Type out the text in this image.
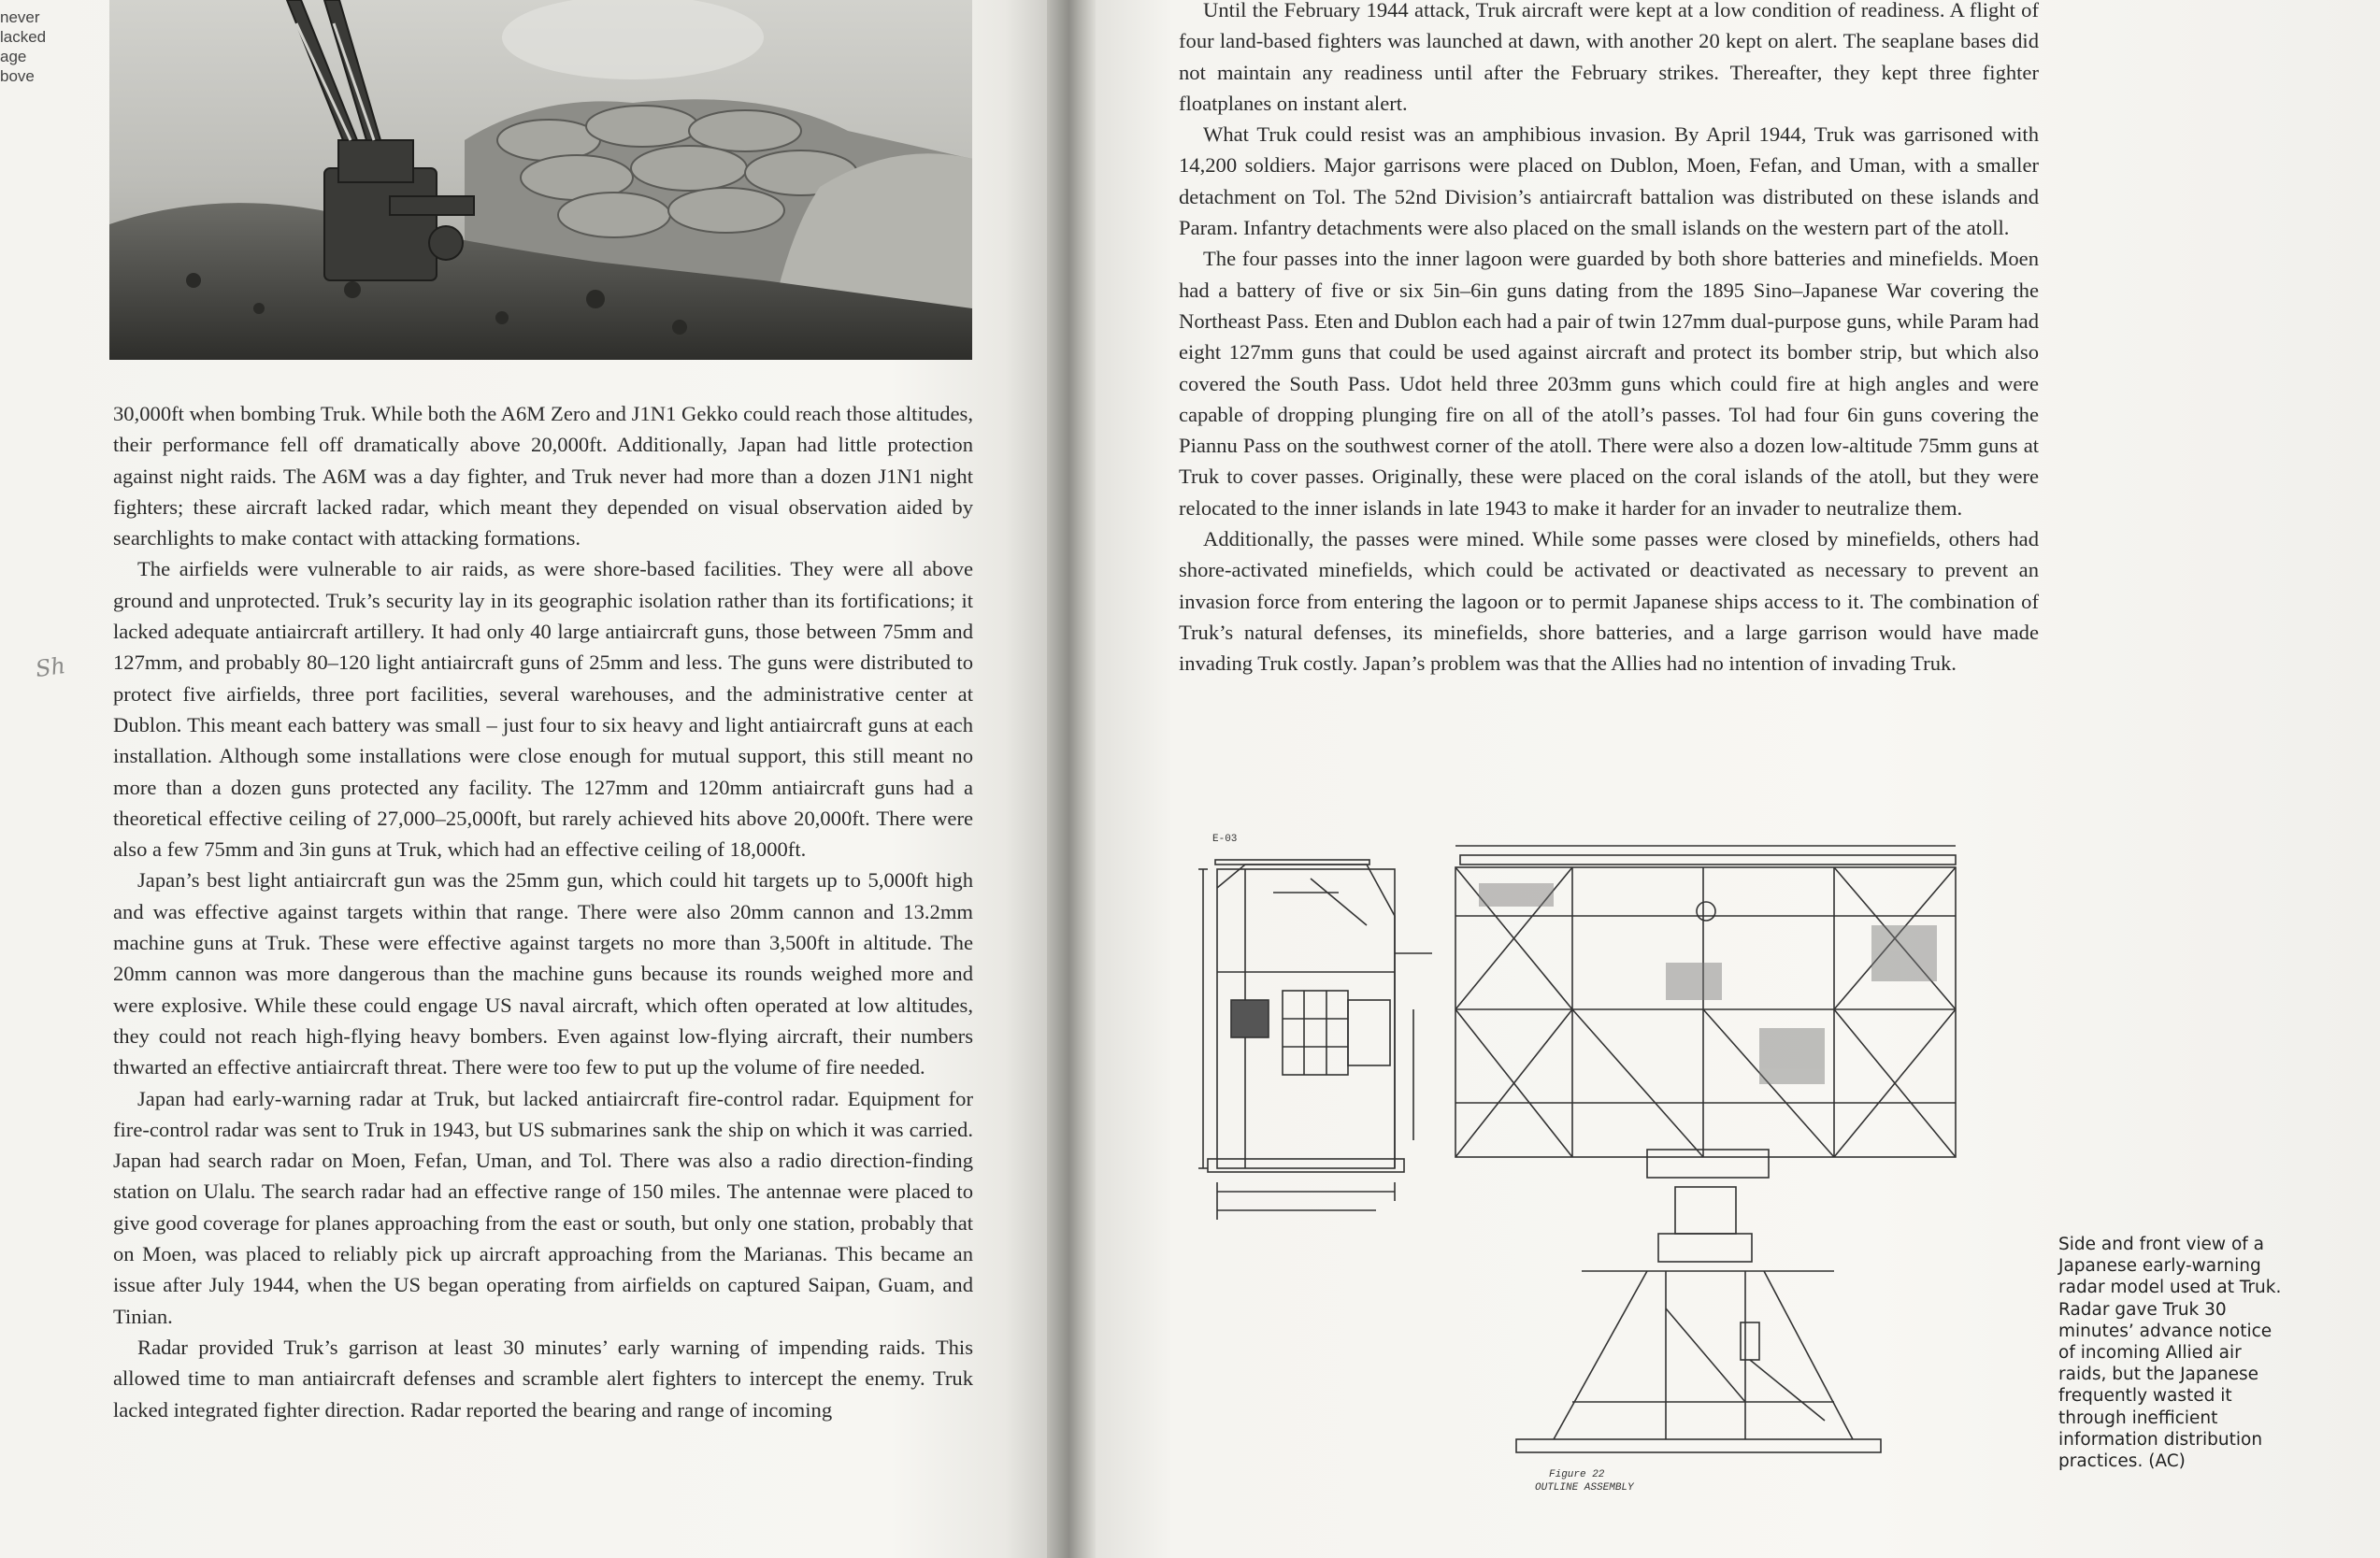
never
lacked
age
bove
Sh

30,000ft when bombing Truk. While both the A6M Zero and J1N1 Gekko could reach those altitudes, their performance fell off dramatically above 20,000ft. Additionally, Japan had little protection against night raids. The A6M was a day fighter, and Truk never had more than a dozen J1N1 night fighters; these aircraft lacked radar, which meant they depended on visual observation aided by searchlights to make contact with attacking formations.

The airfields were vulnerable to air raids, as were shore-based facilities. They were all above ground and unprotected. Truk’s security lay in its geographic isolation rather than its fortifications; it lacked adequate antiaircraft artillery. It had only 40 large antiaircraft guns, those between 75mm and 127mm, and probably 80–120 light antiaircraft guns of 25mm and less. The guns were distributed to protect five airfields, three port facilities, several warehouses, and the administrative center at Dublon. This meant each battery was small – just four to six heavy and light antiaircraft guns at each installation. Although some installations were close enough for mutual support, this still meant no more than a dozen guns protected any facility. The 127mm and 120mm antiaircraft guns had a theoretical effective ceiling of 27,000–25,000ft, but rarely achieved hits above 20,000ft. There were also a few 75mm and 3in guns at Truk, which had an effective ceiling of 18,000ft.

Japan’s best light antiaircraft gun was the 25mm gun, which could hit targets up to 5,000ft high and was effective against targets within that range. There were also 20mm cannon and 13.2mm machine guns at Truk. These were effective against targets no more than 3,500ft in altitude. The 20mm cannon was more dangerous than the machine guns because its rounds weighed more and were explosive. While these could engage US naval aircraft, which often operated at low altitudes, they could not reach high-flying heavy bombers. Even against low-flying aircraft, their numbers thwarted an effective antiaircraft threat. There were too few to put up the volume of fire needed.

Japan had early-warning radar at Truk, but lacked antiaircraft fire-control radar. Equipment for fire-control radar was sent to Truk in 1943, but US submarines sank the ship on which it was carried. Japan had search radar on Moen, Fefan, Uman, and Tol. There was also a radio direction-finding station on Ulalu. The search radar had an effective range of 150 miles. The antennae were placed to give good coverage for planes approaching from the east or south, but only one station, probably that on Moen, was placed to reliably pick up aircraft approaching from the Marianas. This became an issue after July 1944, when the US began operating from airfields on captured Saipan, Guam, and Tinian.

Radar provided Truk’s garrison at least 30 minutes’ early warning of impending raids. This allowed time to man antiaircraft defenses and scramble alert fighters to intercept the enemy. Truk lacked integrated fighter direction. Radar reported the bearing and range of incoming

Until the February 1944 attack, Truk aircraft were kept at a low condition of readiness. A flight of four land-based fighters was launched at dawn, with another 20 kept on alert. The seaplane bases did not maintain any readiness until after the February strikes. Thereafter, they kept three fighter floatplanes on instant alert.

What Truk could resist was an amphibious invasion. By April 1944, Truk was garrisoned with 14,200 soldiers. Major garrisons were placed on Dublon, Moen, Fefan, and Uman, with a smaller detachment on Tol. The 52nd Division’s antiaircraft battalion was distributed on these islands and Param. Infantry detachments were also placed on the small islands on the western part of the atoll.

The four passes into the inner lagoon were guarded by both shore batteries and minefields. Moen had a battery of five or six 5in–6in guns dating from the 1895 Sino–Japanese War covering the Northeast Pass. Eten and Dublon each had a pair of twin 127mm dual-purpose guns, while Param had eight 127mm guns that could be used against aircraft and protect its bomber strip, but which also covered the South Pass. Udot held three 203mm guns which could fire at high angles and were capable of dropping plunging fire on all of the atoll’s passes. Tol had four 6in guns covering the Piannu Pass on the southwest corner of the atoll. There were also a dozen low-altitude 75mm guns at Truk to cover passes. Originally, these were placed on the coral islands of the atoll, but they were relocated to the inner islands in late 1943 to make it harder for an invader to neutralize them.

Additionally, the passes were mined. While some passes were closed by minefields, others had shore-activated minefields, which could be activated or deactivated as necessary to prevent an invasion force from entering the lagoon or to permit Japanese ships access to it. The combination of Truk’s natural defenses, its minefields, shore batteries, and a large garrison would have made invading Truk costly. Japan’s problem was that the Allies had no intention of invading Truk.

E-03
Figure 22
OUTLINE ASSEMBLY
Side and front view of a Japanese early-warning radar model used at Truk. Radar gave Truk 30 minutes’ advance notice of incoming Allied air raids, but the Japanese frequently wasted it through inefficient information distribution practices. (AC)
